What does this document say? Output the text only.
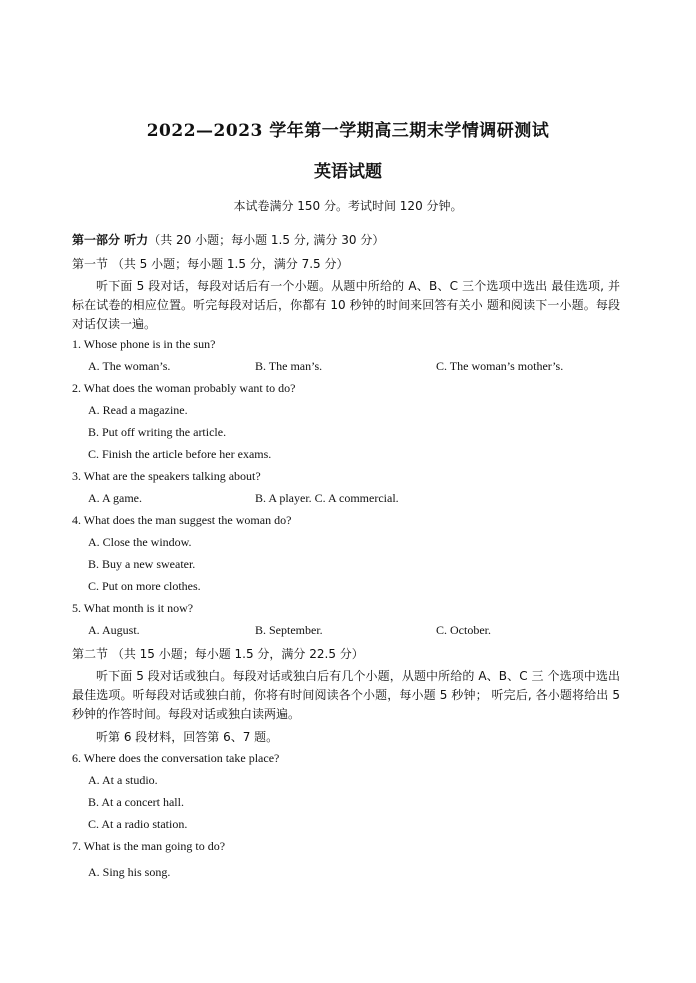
2022—2023 学年第一学期高三期末学情调研测试
英语试题
本试卷满分 150 分。考试时间 120 分钟。
第一部分 听力（共 20 小题；每小题 1.5 分, 满分 30 分）
第一节 （共 5 小题；每小题 1.5 分，满分 7.5 分）
听下面 5 段对话，每段对话后有一个小题。从题中所给的 A、B、C 三个选项中选出 最佳选项, 并标在试卷的相应位置。听完每段对话后，你都有 10 秒钟的时间来回答有关小 题和阅读下一小题。每段对话仅读一遍。
1. Whose phone is in the sun?
A. The woman’s.	B. The man’s.	C. The woman’s mother’s.
2. What does the woman probably want to do?
A. Read a magazine.
B. Put off writing the article.
C. Finish the article before her exams.
3. What are the speakers talking about?
A. A game.	B. A player. C. A commercial.
4. What does the man suggest the woman do?
A. Close the window.
B. Buy a new sweater.
C. Put on more clothes.
5. What month is it now?
A. August.	B. September.	C. October.
第二节 （共 15 小题；每小题 1.5 分，满分 22.5 分）
听下面 5 段对话或独白。每段对话或独白后有几个小题，从题中所给的 A、B、C 三 个选项中选出最佳选项。听每段对话或独白前，你将有时间阅读各个小题，每小题 5 秒钟； 听完后, 各小题将给出 5 秒钟的作答时间。每段对话或独白读两遍。
听第 6 段材料，回答第 6、7 题。
6. Where does the conversation take place?
A. At a studio.
B. At a concert hall.
C. At a radio station.
7. What is the man going to do?
A. Sing his song.
